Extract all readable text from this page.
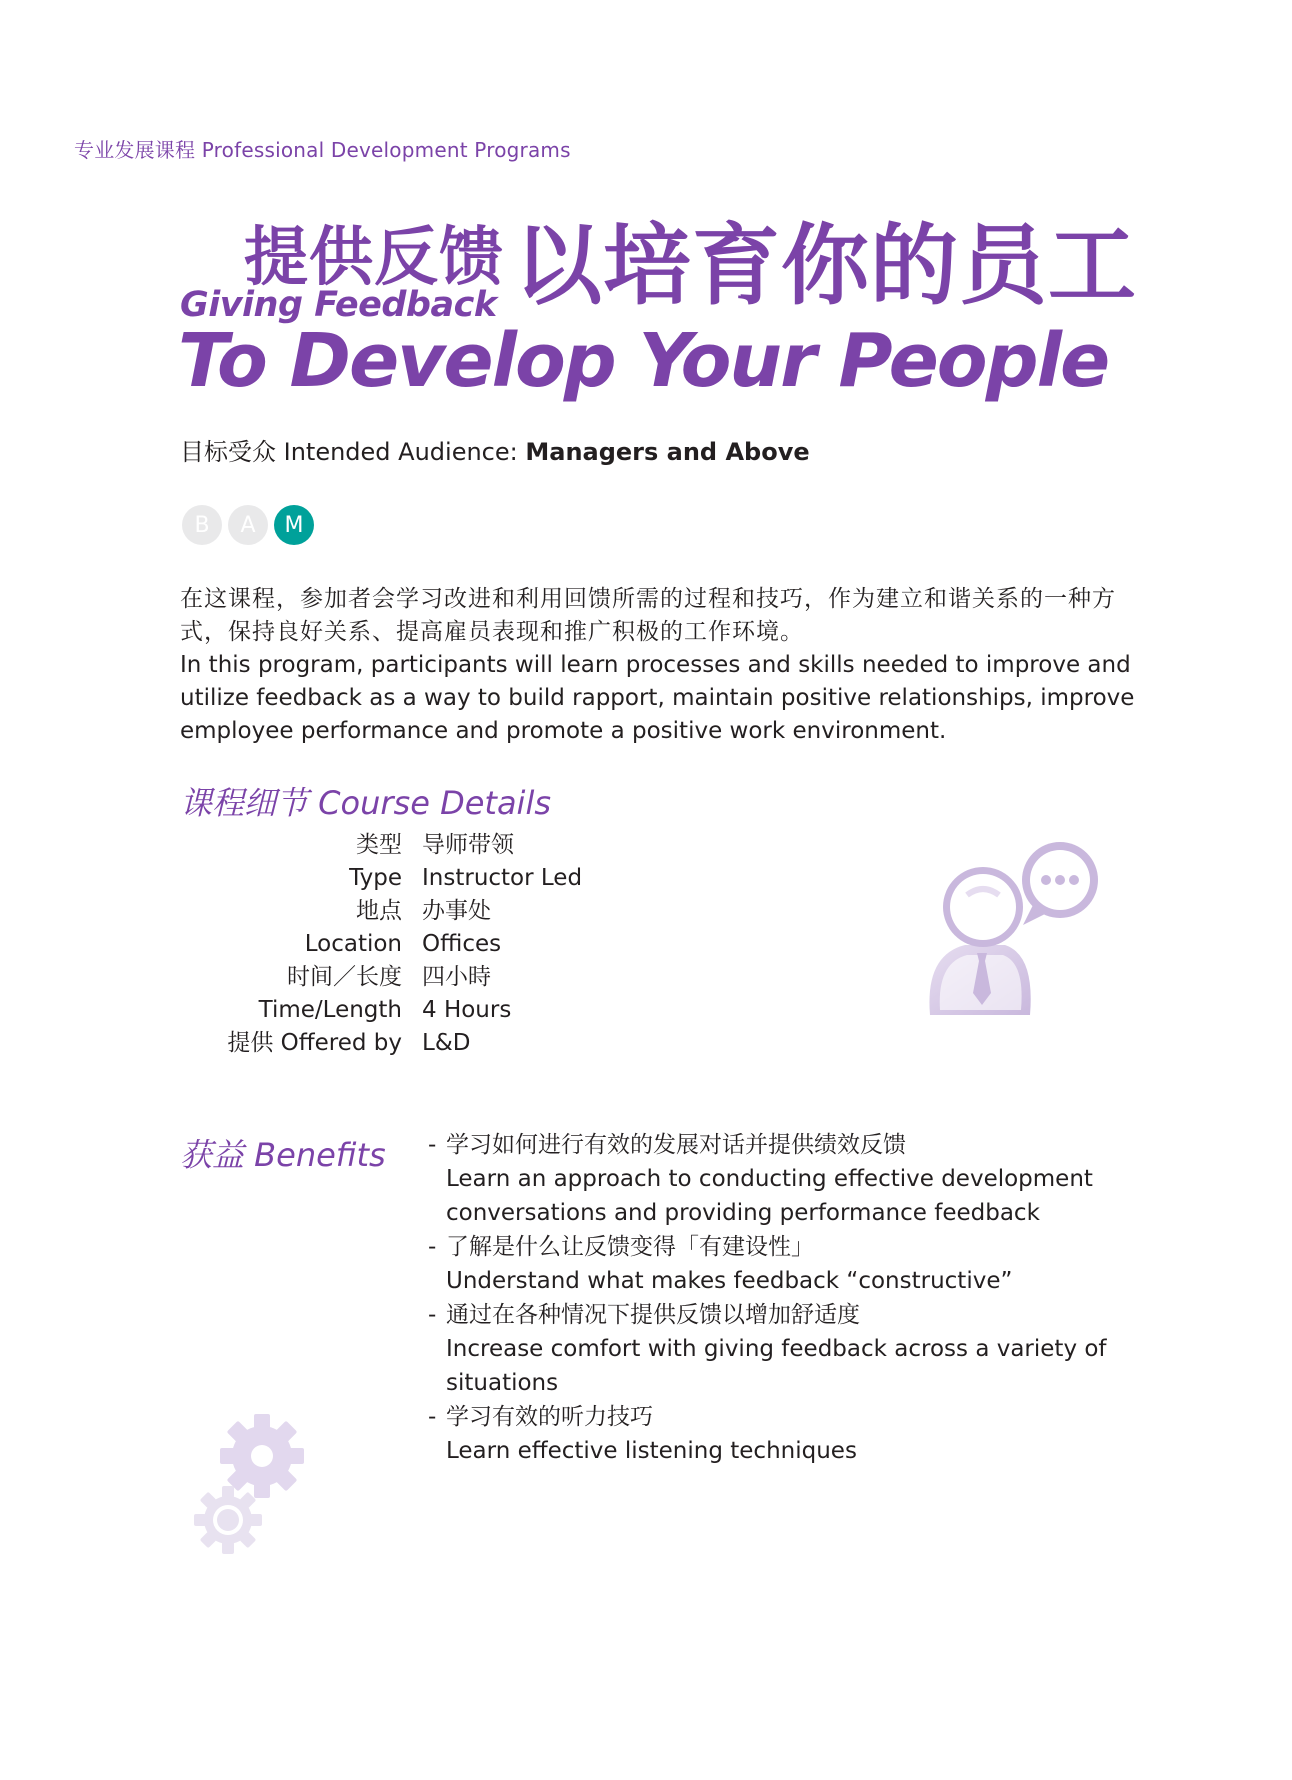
专业发展课程 Professional Development Programs
提供反馈 以培育你的员工
Giving Feedback
To Develop Your People
目标受众 Intended Audience: Managers and Above
B	A	M
在这课程，参加者会学习改进和利用回馈所需的过程和技巧，作为建立和谐关系的一种方式，保持良好关系、提高雇员表现和推广积极的工作环境。
In this program, participants will learn processes and skills needed to improve and utilize feedback as a way to build rapport, maintain positive relationships, improve employee performance and promote a positive work environment.
课程细节 Course Details
类型 导师带领
Type Instructor Led
地点 办事处
Location Offices
时间／长度 四小時
Time/Length 4 Hours
提供 Offered by L&D
获益 Benefits - 学习如何进行有效的发展对话并提供绩效反馈
Learn an approach to conducting effective development conversations and providing performance feedback
- 了解是什么让反馈变得「有建设性」
Understand what makes feedback “constructive”
- 通过在各种情况下提供反馈以增加舒适度
Increase comfort with giving feedback across a variety of situations
- 学习有效的听力技巧
Learn effective listening techniques
